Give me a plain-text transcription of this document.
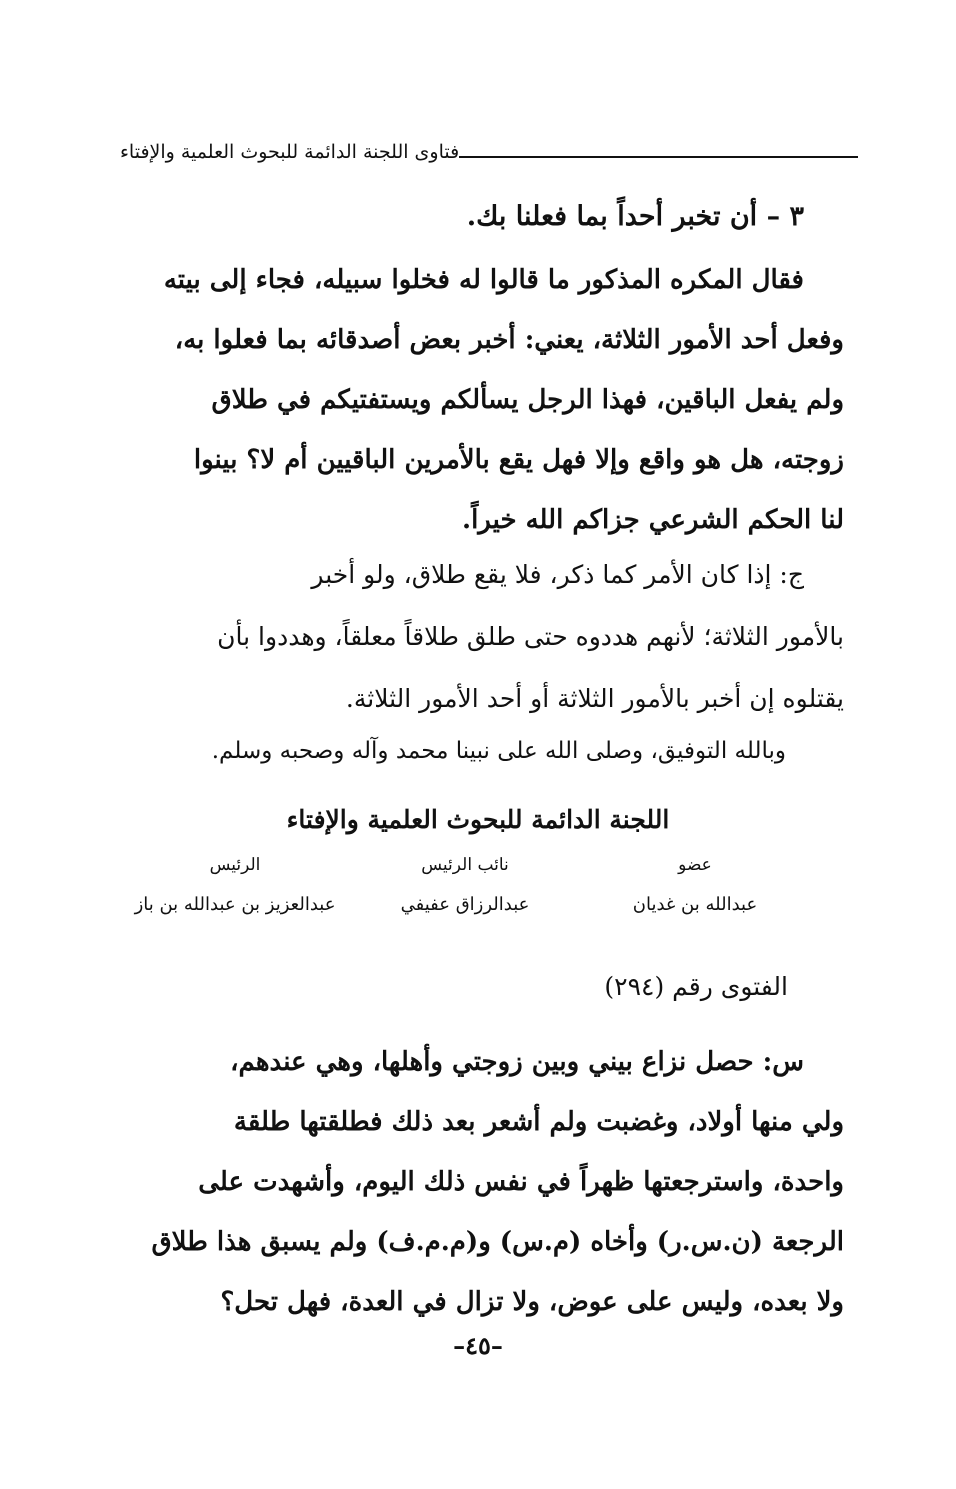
فتاوى اللجنة الدائمة للبحوث العلمية والإفتاء
٣ – أن تخبر أحداً بما فعلنا بك.
فقال المكره المذكور ما قالوا له فخلوا سبيله، فجاء إلى بيته
وفعل أحد الأمور الثلاثة، يعني: أخبر بعض أصدقائه بما فعلوا به،
ولم يفعل الباقين، فهذا الرجل يسألكم ويستفتيكم في طلاق
زوجته، هل هو واقع وإلا فهل يقع بالأمرين الباقيين أم لا؟ بينوا
لنا الحكم الشرعي جزاكم الله خيراً.
ج: إذا كان الأمر كما ذكر، فلا يقع طلاق، ولو أخبر
بالأمور الثلاثة؛ لأنهم هددوه حتى طلق طلاقاً معلقاً، وهددوا بأن
يقتلوه إن أخبر بالأمور الثلاثة أو أحد الأمور الثلاثة.
وبالله التوفيق، وصلى الله على نبينا محمد وآله وصحبه وسلم.
اللجنة الدائمة للبحوث العلمية والإفتاء
عضو
نائب الرئيس
الرئيس
عبدالله بن غديان
عبدالرزاق عفيفي
عبدالعزيز بن عبدالله بن باز
الفتوى رقم (٢٩٤)
س: حصل نزاع بيني وبين زوجتي وأهلها، وهي عندهم،
ولي منها أولاد، وغضبت ولم أشعر بعد ذلك فطلقتها طلقة
واحدة، واسترجعتها ظهراً في نفس ذلك اليوم، وأشهدت على
الرجعة (ن.س.ر) وأخاه (م.س) و(م.م.ف) ولم يسبق هذا طلاق
ولا بعده، وليس على عوض، ولا تزال في العدة، فهل تحل؟
–٤٥–
